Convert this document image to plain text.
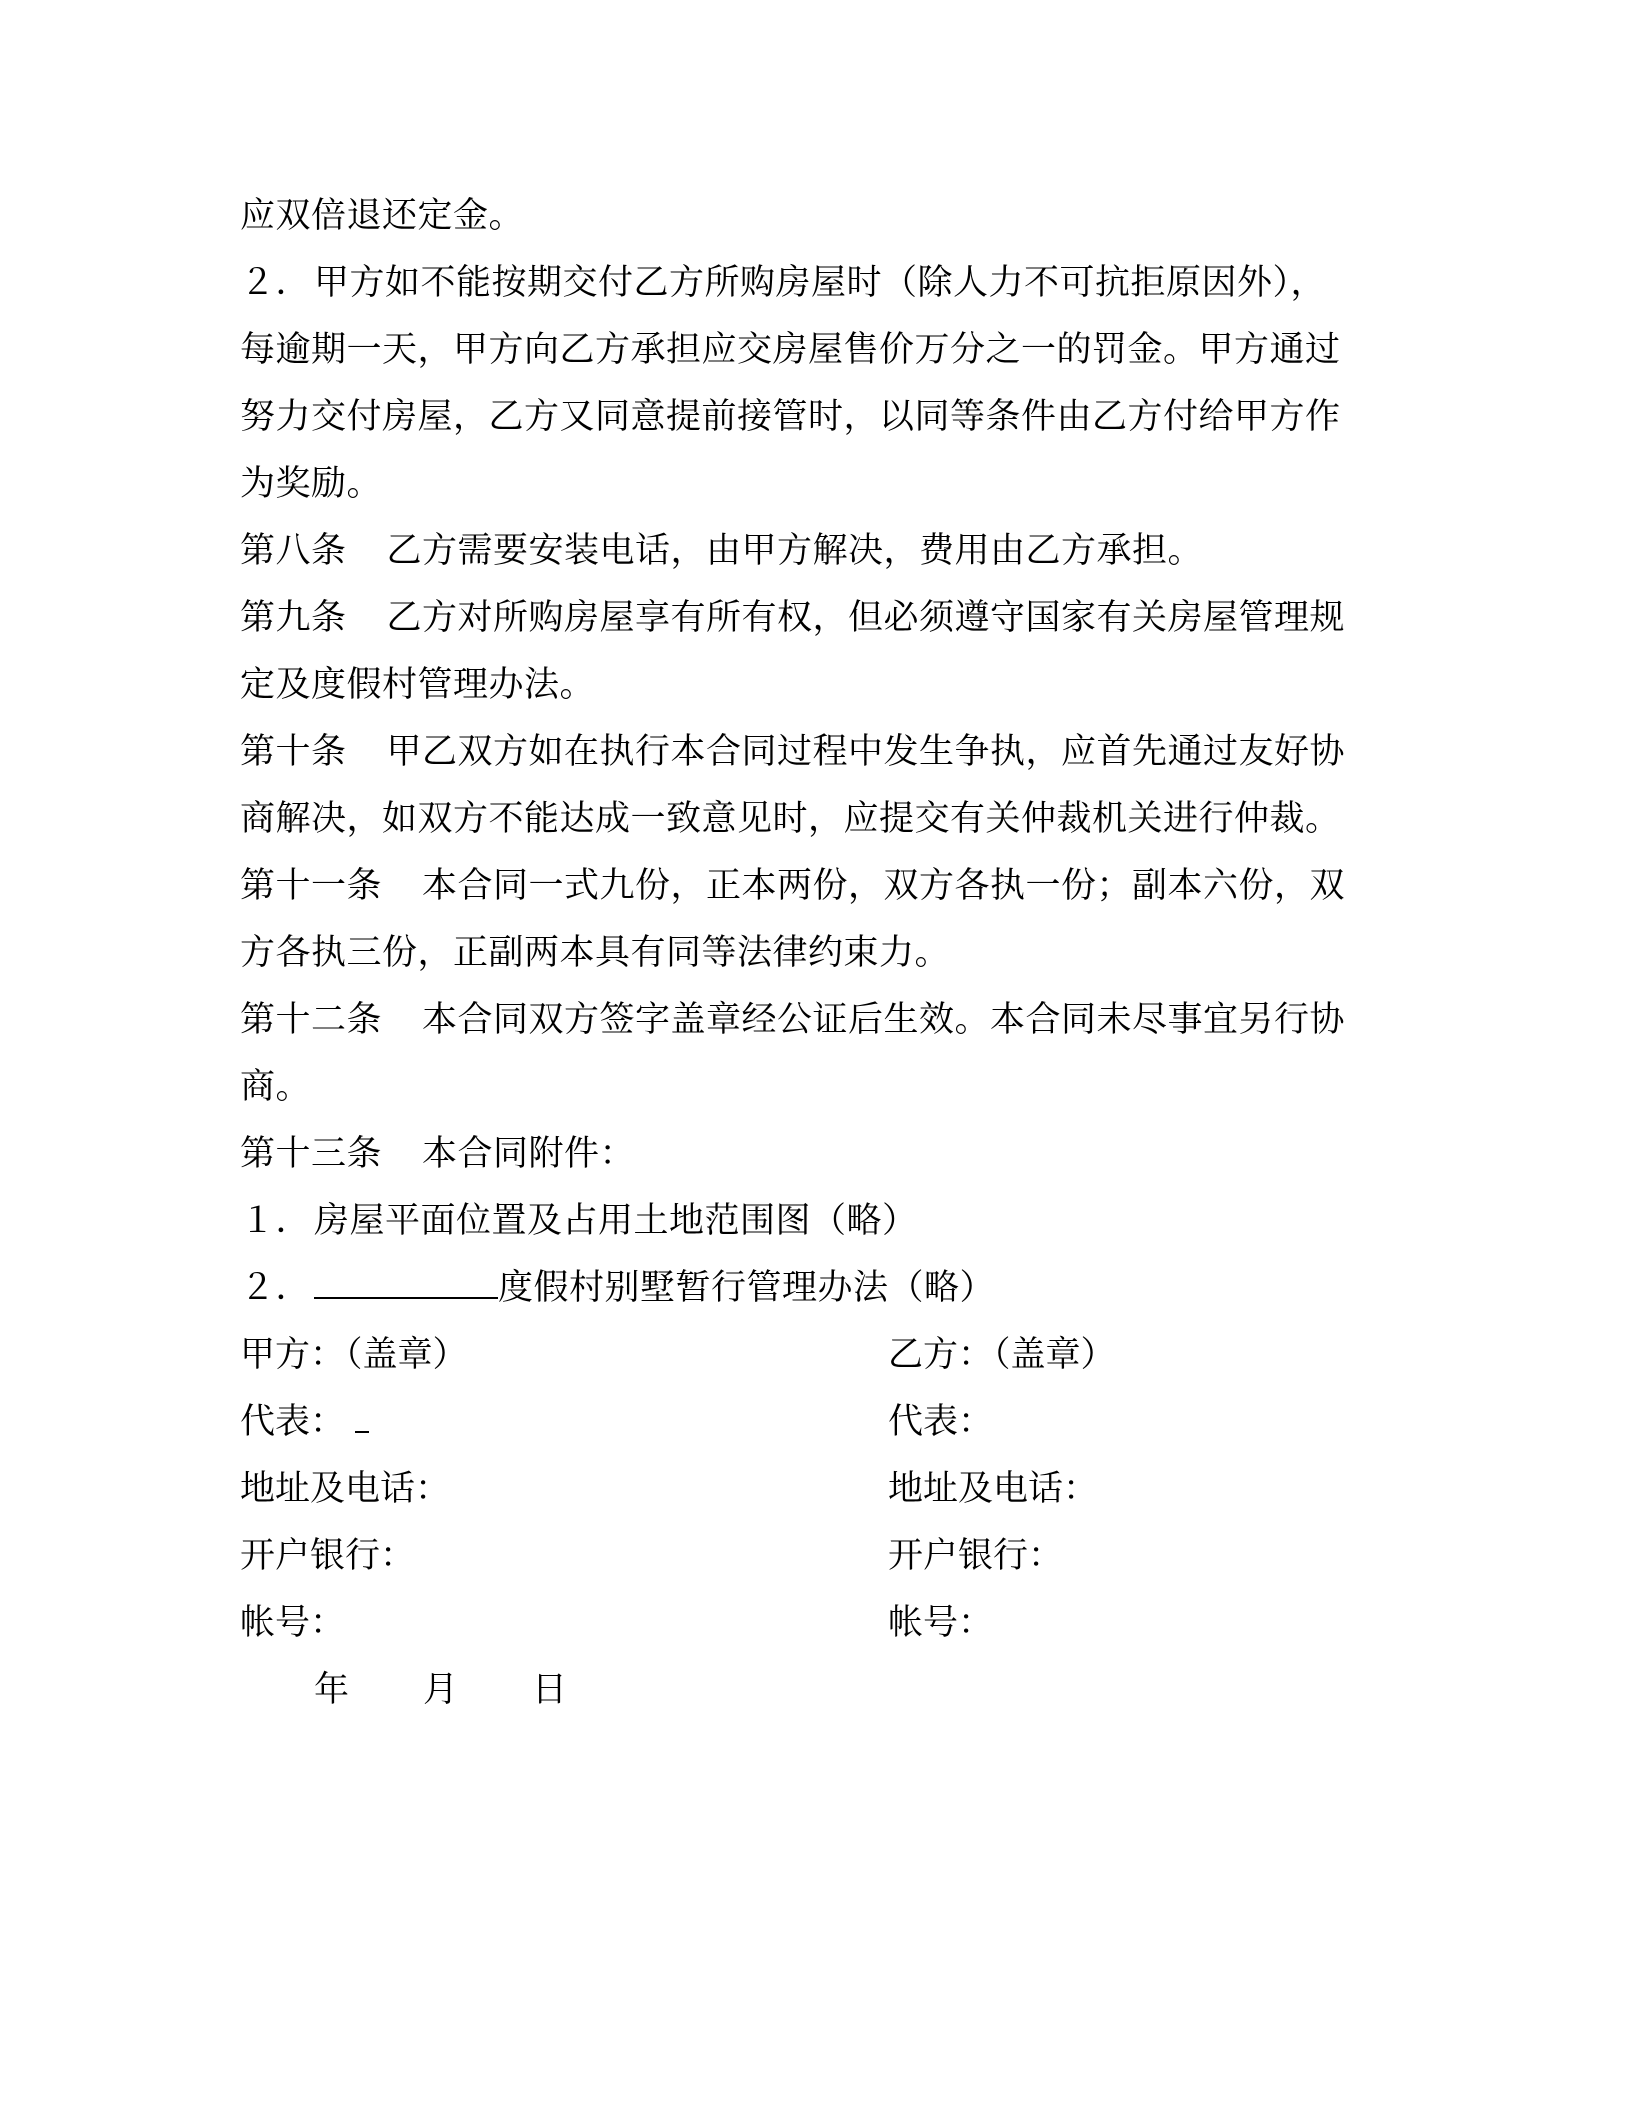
应双倍退还定金。
２．甲方如不能按期交付乙方所购房屋时（除人力不可抗拒原因外），
每逾期一天，甲方向乙方承担应交房屋售价万分之一的罚金。甲方通过
努力交付房屋，乙方又同意提前接管时，以同等条件由乙方付给甲方作
为奖励。
第八条 乙方需要安装电话，由甲方解决，费用由乙方承担。
第九条 乙方对所购房屋享有所有权，但必须遵守国家有关房屋管理规
定及度假村管理办法。
第十条 甲乙双方如在执行本合同过程中发生争执，应首先通过友好协
商解决，如双方不能达成一致意见时，应提交有关仲裁机关进行仲裁。
第十一条 本合同一式九份，正本两份，双方各执一份；副本六份，双
方各执三份，正副两本具有同等法律约束力。
第十二条 本合同双方签字盖章经公证后生效。本合同未尽事宜另行协
商。
第十三条 本合同附件：
１．房屋平面位置及占用土地范围图（略）
２．	度假村别墅暂行管理办法（略）
甲方：（盖章）	乙方：（盖章）
代表：	代表：
地址及电话：	地址及电话：
开户银行：	开户银行：
帐号：	帐号：
年 月 日
